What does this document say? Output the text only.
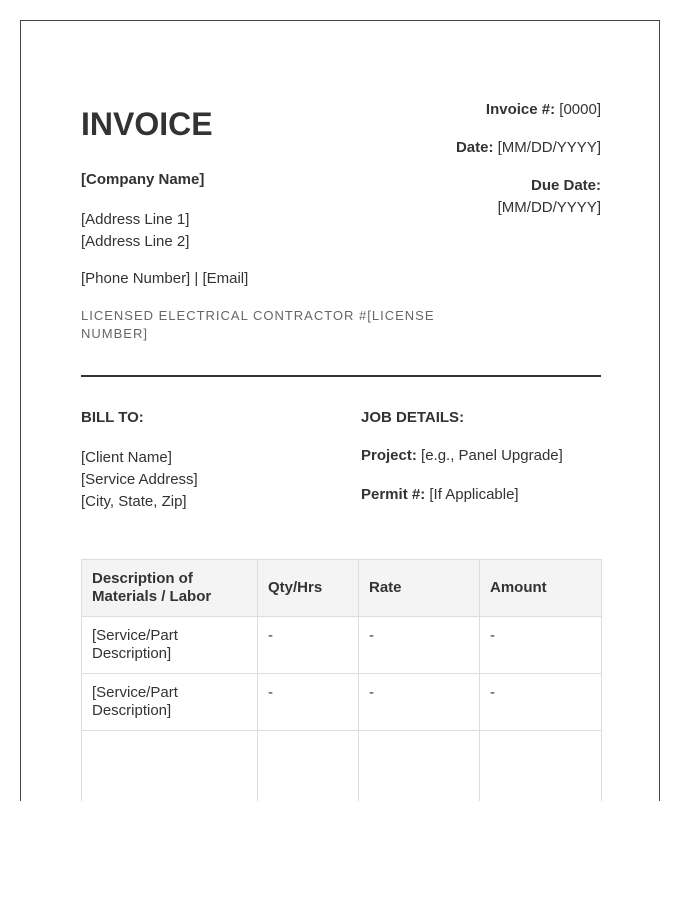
INVOICE
[Company Name]
[Address Line 1]
[Address Line 2]
[Phone Number] | [Email]
LICENSED ELECTRICAL CONTRACTOR #[LICENSE NUMBER]
Invoice #: [0000]
Date: [MM/DD/YYYY]
Due Date:
[MM/DD/YYYY]
BILL TO:
[Client Name]
[Service Address]
[City, State, Zip]
JOB DETAILS:
Project: [e.g., Panel Upgrade]
Permit #: [If Applicable]
Description of Materials / Labor	Qty/Hrs	Rate	Amount
[Service/Part Description]	-	-	-
[Service/Part Description]	-	-	-
